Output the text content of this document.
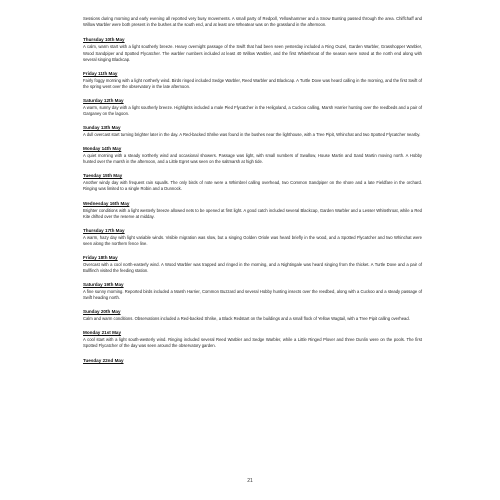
Sessions during morning and early evening all reported very busy movements. A small party of Redpoll, Yellowhammer and a Snow Bunting passed through the area. Chiffchaff and Willow Warbler were both present in the bushes at the south end, and at least one Wheatear was on the grassland in the afternoon.

Thursday 10th May

A calm, warm start with a light southerly breeze. Heavy overnight passage of the Swift that had been seen yesterday included a Ring Ouzel, Garden Warbler, Grasshopper Warbler, Wood Sandpiper and Spotted Flycatcher. The warbler numbers included at least 40 Willow Warbler, and the first Whitethroat of the season were noted at the north end along with several singing Blackcap.

Friday 11th May

Fairly foggy morning with a light northerly wind. Birds ringed included Sedge Warbler, Reed Warbler and Blackcap. A Turtle Dove was heard calling in the morning, and the first Swift of the spring went over the observatory in the late afternoon.

Saturday 12th May

A warm, sunny day with a light southerly breeze. Highlights included a male Pied Flycatcher in the Heligoland, a Cuckoo calling, Marsh Harrier hunting over the reedbeds and a pair of Garganey on the lagoon.

Sunday 13th May

A dull overcast start turning brighter later in the day. A Red-backed Shrike was found in the bushes near the lighthouse, with a Tree Pipit, Whinchat and two Spotted Flycatcher nearby.

Monday 14th May

A quiet morning with a steady northerly wind and occasional showers. Passage was light, with small numbers of Swallow, House Martin and Sand Martin moving north. A Hobby hunted over the marsh in the afternoon, and a Little Egret was seen on the saltmarsh at high tide.

Tuesday 15th May

Another windy day with frequent rain squalls. The only birds of note were a Whimbrel calling overhead, two Common Sandpiper on the shore and a late Fieldfare in the orchard. Ringing was limited to a single Robin and a Dunnock.

Wednesday 16th May

Brighter conditions with a light westerly breeze allowed nets to be opened at first light. A good catch included several Blackcap, Garden Warbler and a Lesser Whitethroat, while a Red Kite drifted over the reserve at midday.

Thursday 17th May

A warm, hazy day with light variable winds. Visible migration was slow, but a singing Golden Oriole was heard briefly in the wood, and a Spotted Flycatcher and two Whinchat were seen along the northern fence line.

Friday 18th May

Overcast with a cool north-easterly wind. A Wood Warbler was trapped and ringed in the morning, and a Nightingale was heard singing from the thicket. A Turtle Dove and a pair of Bullfinch visited the feeding station.

Saturday 19th May

A fine sunny morning. Reported birds included a Marsh Harrier, Common Buzzard and several Hobby hunting insects over the reedbed, along with a Cuckoo and a steady passage of Swift heading north.

Sunday 20th May

Calm and warm conditions. Observations included a Red-backed Shrike, a Black Redstart on the buildings and a small flock of Yellow Wagtail, with a Tree Pipit calling overhead.

Monday 21st May

A cool start with a light south-westerly wind. Ringing included several Reed Warbler and Sedge Warbler, while a Little Ringed Plover and three Dunlin were on the pools. The first Spotted Flycatcher of the day was seen around the observatory garden.

Tuesday 22nd May
21
